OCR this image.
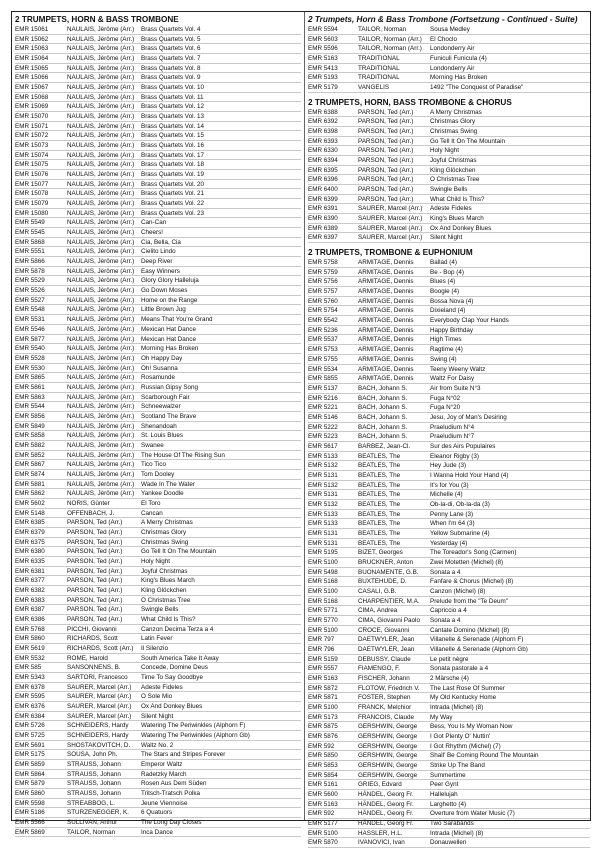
2 TRUMPETS, HORN & BASS TROMBONE
EMR 15061	NAULAIS, Jérôme (Arr.)	Brass Quartets Vol. 4
EMR 15062	NAULAIS, Jérôme (Arr.)	Brass Quartets Vol. 5
EMR 15063	NAULAIS, Jérôme (Arr.)	Brass Quartets Vol. 6
EMR 15064	NAULAIS, Jérôme (Arr.)	Brass Quartets Vol. 7
EMR 15065	NAULAIS, Jérôme (Arr.)	Brass Quartets Vol. 8
EMR 15066	NAULAIS, Jérôme (Arr.)	Brass Quartets Vol. 9
EMR 15067	NAULAIS, Jérôme (Arr.)	Brass Quartets Vol. 10
EMR 15068	NAULAIS, Jérôme (Arr.)	Brass Quartets Vol. 11
EMR 15069	NAULAIS, Jérôme (Arr.)	Brass Quartets Vol. 12
EMR 15070	NAULAIS, Jérôme (Arr.)	Brass Quartets Vol. 13
EMR 15071	NAULAIS, Jérôme (Arr.)	Brass Quartets Vol. 14
EMR 15072	NAULAIS, Jérôme (Arr.)	Brass Quartets Vol. 15
EMR 15073	NAULAIS, Jérôme (Arr.)	Brass Quartets Vol. 16
EMR 15074	NAULAIS, Jérôme (Arr.)	Brass Quartets Vol. 17
EMR 15075	NAULAIS, Jérôme (Arr.)	Brass Quartets Vol. 18
EMR 15076	NAULAIS, Jérôme (Arr.)	Brass Quartets Vol. 19
EMR 15077	NAULAIS, Jérôme (Arr.)	Brass Quartets Vol. 20
EMR 15078	NAULAIS, Jérôme (Arr.)	Brass Quartets Vol. 21
EMR 15079	NAULAIS, Jérôme (Arr.)	Brass Quartets Vol. 22
EMR 15080	NAULAIS, Jérôme (Arr.)	Brass Quartets Vol. 23
EMR 5549	NAULAIS, Jérôme (Arr.)	Can-Can
EMR 5545	NAULAIS, Jérôme (Arr.)	Cheers!
EMR 5868	NAULAIS, Jérôme (Arr.)	Cia, Bella, Cia
EMR 5551	NAULAIS, Jérôme (Arr.)	Cielito Lindo
EMR 5866	NAULAIS, Jérôme (Arr.)	Deep River
EMR 5878	NAULAIS, Jérôme (Arr.)	Easy Winners
EMR 5529	NAULAIS, Jérôme (Arr.)	Glory Glory Halleluja
EMR 5526	NAULAIS, Jérôme (Arr.)	Go Down Moses
EMR 5527	NAULAIS, Jérôme (Arr.)	Home on the Range
EMR 5548	NAULAIS, Jérôme (Arr.)	Little Brown Jug
EMR 5531	NAULAIS, Jérôme (Arr.)	Means That You're Grand
EMR 5546	NAULAIS, Jérôme (Arr.)	Mexican Hat Dance
EMR 5877	NAULAIS, Jérôme (Arr.)	Mexican Hat Dance
EMR 5540	NAULAIS, Jérôme (Arr.)	Morning Has Broken
EMR 5528	NAULAIS, Jérôme (Arr.)	Oh Happy Day
EMR 5530	NAULAIS, Jérôme (Arr.)	Oh! Susanna
EMR 5865	NAULAIS, Jérôme (Arr.)	Rosamunde
EMR 5861	NAULAIS, Jérôme (Arr.)	Russian Gipsy Song
EMR 5863	NAULAIS, Jérôme (Arr.)	Scarborough Fair
EMR 5544	NAULAIS, Jérôme (Arr.)	Schneewalzer
EMR 5856	NAULAIS, Jérôme (Arr.)	Scotland The Brave
EMR 5849	NAULAIS, Jérôme (Arr.)	Shenandoah
EMR 5858	NAULAIS, Jérôme (Arr.)	St. Louis Blues
EMR 5882	NAULAIS, Jérôme (Arr.)	Swanee
EMR 5852	NAULAIS, Jérôme (Arr.)	The House Of The Rising Sun
EMR 5867	NAULAIS, Jérôme (Arr.)	Tico Tico
EMR 5874	NAULAIS, Jérôme (Arr.)	Tom Dooley
EMR 5881	NAULAIS, Jérôme (Arr.)	Wade In The Water
EMR 5862	NAULAIS, Jérôme (Arr.)	Yankee Doodle
EMR 5602	NORIS, Günter	El Toro
EMR 5148	OFFENBACH, J.	Cancan
EMR 6385	PARSON, Ted (Arr.)	A Merry Christmas
EMR 6379	PARSON, Ted (Arr.)	Christmas Glory
EMR 6375	PARSON, Ted (Arr.)	Christmas Swing
EMR 6380	PARSON, Ted (Arr.)	Go Tell It On The Mountain
EMR 6335	PARSON, Ted (Arr.)	Holy Night
EMR 6381	PARSON, Ted (Arr.)	Joyful Christmas
EMR 6377	PARSON, Ted (Arr.)	King's Blues March
EMR 6382	PARSON, Ted (Arr.)	Kling Glöckchen
EMR 6383	PARSON, Ted (Arr.)	O Christmas Tree
EMR 6387	PARSON, Ted (Arr.)	Swingle Bells
EMR 6386	PARSON, Ted (Arr.)	What Child Is This?
EMR 5768	PICCHI, Giovanni	Canzon Decima Terza a 4
EMR 5860	RICHARDS, Scott	Latin Fever
EMR 5619	RICHARDS, Scott (Arr.)	Il Silenzio
EMR 5532	ROME, Harold	South America Take It Away
EMR 585	SANSONNENS, B.	Concede, Domine Deus
EMR 5343	SARTORI, Francesco	Time To Say Goodbye
EMR 6378	SAURER, Marcel (Arr.)	Adeste Fideles
EMR 5595	SAURER, Marcel (Arr.)	O Sole Mio
EMR 6376	SAURER, Marcel (Arr.)	Ox And Donkey Blues
EMR 6384	SAURER, Marcel (Arr.)	Silent Night
EMR 5726	SCHNEIDERS, Hardy	Watering The Periwinkles (Alphorn F)
EMR 5725	SCHNEIDERS, Hardy	Watering The Periwinkles (Alphorn Gb)
EMR 5691	SHOSTAKOVITCH, D.	Waltz No. 2
EMR 5175	SOUSA, John Ph.	The Stars and Stripes Forever
EMR 5859	STRAUSS, Johann	Emperor Waltz
EMR 5864	STRAUSS, Johann	Radetzky March
EMR 5879	STRAUSS, Johann	Rosen Aus Dem Süden
EMR 5860	STRAUSS, Johann	Tritsch-Tratsch Polka
EMR 5598	STREABBOG, L.	Jeune Viennoise
EMR 5186	STURZENEGGER, K.	6 Quatuors
EMR 5566	SULLIVAN, Arthur	The Long Day Closes
EMR 5869	TAILOR, Norman	Inca Dance
2 Trumpets, Horn & Bass Trombone (Fortsetzung - Continued - Suite)
EMR 5594	TAILOR, Norman	Sousa Medley
EMR 5603	TAILOR, Norman (Arr.)	El Choclo
EMR 5596	TAILOR, Norman (Arr.)	Londonderry Air
EMR 5163	TRADITIONAL	Funiculi Funicula (4)
EMR 5413	TRADITIONAL	Londonderry Air
EMR 5193	TRADITIONAL	Morning Has Broken
EMR 5179	VANGELIS	1492 "The Conquest of Paradise"
2 TRUMPETS, HORN, BASS TROMBONE & CHORUS
EMR 6388	PARSON, Ted (Arr.)	A Merry Christmas
EMR 6392	PARSON, Ted (Arr.)	Christmas Glory
EMR 6398	PARSON, Ted (Arr.)	Christmas Swing
EMR 6393	PARSON, Ted (Arr.)	Go Tell It On The Mountain
EMR 6330	PARSON, Ted (Arr.)	Holy Night
EMR 6394	PARSON, Ted (Arr.)	Joyful Christmas
EMR 6395	PARSON, Ted (Arr.)	Kling Glöckchen
EMR 6396	PARSON, Ted (Arr.)	O Christmas Tree
EMR 6400	PARSON, Ted (Arr.)	Swingle Bells
EMR 6399	PARSON, Ted (Arr.)	What Child Is This?
EMR 6391	SAURER, Marcel (Arr.)	Adeste Fideles
EMR 6390	SAURER, Marcel (Arr.)	King's Blues March
EMR 6389	SAURER, Marcel (Arr.)	Ox And Donkey Blues
EMR 6397	SAURER, Marcel (Arr.)	Silent Night
2 TRUMPETS, TROMBONE & EUPHONIUM
EMR 5758	ARMITAGE, Dennis	Ballad (4)
EMR 5759	ARMITAGE, Dennis	Be - Bop (4)
EMR 5756	ARMITAGE, Dennis	Blues (4)
EMR 5757	ARMITAGE, Dennis	Boogie (4)
EMR 5760	ARMITAGE, Dennis	Bossa Nova (4)
EMR 5754	ARMITAGE, Dennis	Dixieland (4)
EMR 5542	ARMITAGE, Dennis	Everybody Clap Your Hands
EMR 5236	ARMITAGE, Dennis	Happy Birthday
EMR 5537	ARMITAGE, Dennis	High Times
EMR 5753	ARMITAGE, Dennis	Ragtime (4)
EMR 5755	ARMITAGE, Dennis	Swing (4)
EMR 5534	ARMITAGE, Dennis	Teeny Weeny Waltz
EMR 5855	ARMITAGE, Dennis	Waltz For Daisy
EMR 5137	BACH, Johann S.	Air from Suite N°3
EMR 5216	BACH, Johann S.	Fuga N°02
EMR 5221	BACH, Johann S.	Fuga N°20
EMR 5146	BACH, Johann S.	Jesu, Joy of Man's Desiring
EMR 5222	BACH, Johann S.	Praeludium N°4
EMR 5223	BACH, Johann S.	Praeludium N°7
EMR 5617	BARBEZ, Jean-Cl.	Sur des Airs Populaires
EMR 5133	BEATLES, The	Eleanor Rigby (3)
EMR 5132	BEATLES, The	Hey Jude (3)
EMR 5131	BEATLES, The	I Wanna Hold Your Hand (4)
EMR 5132	BEATLES, The	It's for You (3)
EMR 5131	BEATLES, The	Michelle (4)
EMR 5132	BEATLES, The	Ob-la-di, Ob-la-da (3)
EMR 5133	BEATLES, The	Penny Lane (3)
EMR 5133	BEATLES, The	When I'm 64 (3)
EMR 5131	BEATLES, The	Yellow Submarine (4)
EMR 5131	BEATLES, The	Yesterday (4)
EMR 5195	BIZET, Georges	The Toreador's Song (Carmen)
EMR 5100	BRUCKNER, Anton	Zwei Motetten (Michel) (8)
EMR 5498	BUONAMENTE, G.B.	Sonata a 4
EMR 5168	BUXTEHUDE, D.	Fanfare & Chorus (Michel) (8)
EMR 5100	CASALI, G.B.	Canzon (Michel) (8)
EMR 5168	CHARPENTIER, M.A.	Prelude from the "Te Deum"
EMR 5771	CIMA, Andrea	Capriccio a 4
EMR 5770	CIMA, Giovanni Paolo	Sonata a 4
EMR 5100	CROCE, Giovanni	Cantate Domino (Michel) (8)
EMR 797	DAETWYLER, Jean	Villanelle & Serenade (Alphorn F)
EMR 796	DAETWYLER, Jean	Villanelle & Serenade (Alphorn Gb)
EMR 5159	DEBUSSY, Claude	Le petit nègre
EMR 5557	FIAMENGO, F.	Sonata pastorale a 4
EMR 5163	FISCHER, Johann	2 Märsche (4)
EMR 5872	FLOTOW, Friedrich V.	The Last Rose Of Summer
EMR 5871	FOSTER, Stephen	My Old Kentucky Home
EMR 5100	FRANCK, Melchior	Intrada (Michel) (8)
EMR 5173	FRANCOIS, Claude	My Way
EMR 5875	GERSHWIN, George	Bess, You Is My Woman Now
EMR 5876	GERSHWIN, George	I Got Plenty O' Nuttin'
EMR 592	GERSHWIN, George	I Got Rhythm (Michel) (7)
EMR 5850	GERSHWIN, George	Shall' Be Coming Round The Mountain
EMR 5853	GERSHWIN, George	Strike Up The Band
EMR 5854	GERSHWIN, George	Summertime
EMR 5161	GRIEG, Edvard	Peer Gynt
EMR 5600	HÄNDEL, Georg Fr.	Hallelujah
EMR 5163	HÄNDEL, Georg Fr.	Larghetto (4)
EMR 592	HÄNDEL, Georg Fr.	Overture from Water Music (7)
EMR 5177	HÄNDEL, Georg Fr.	Two Sarabands
EMR 5100	HASSLER, H.L.	Intrada (Michel) (8)
EMR 5870	IVANOVICI, Ivan	Donauwellen
